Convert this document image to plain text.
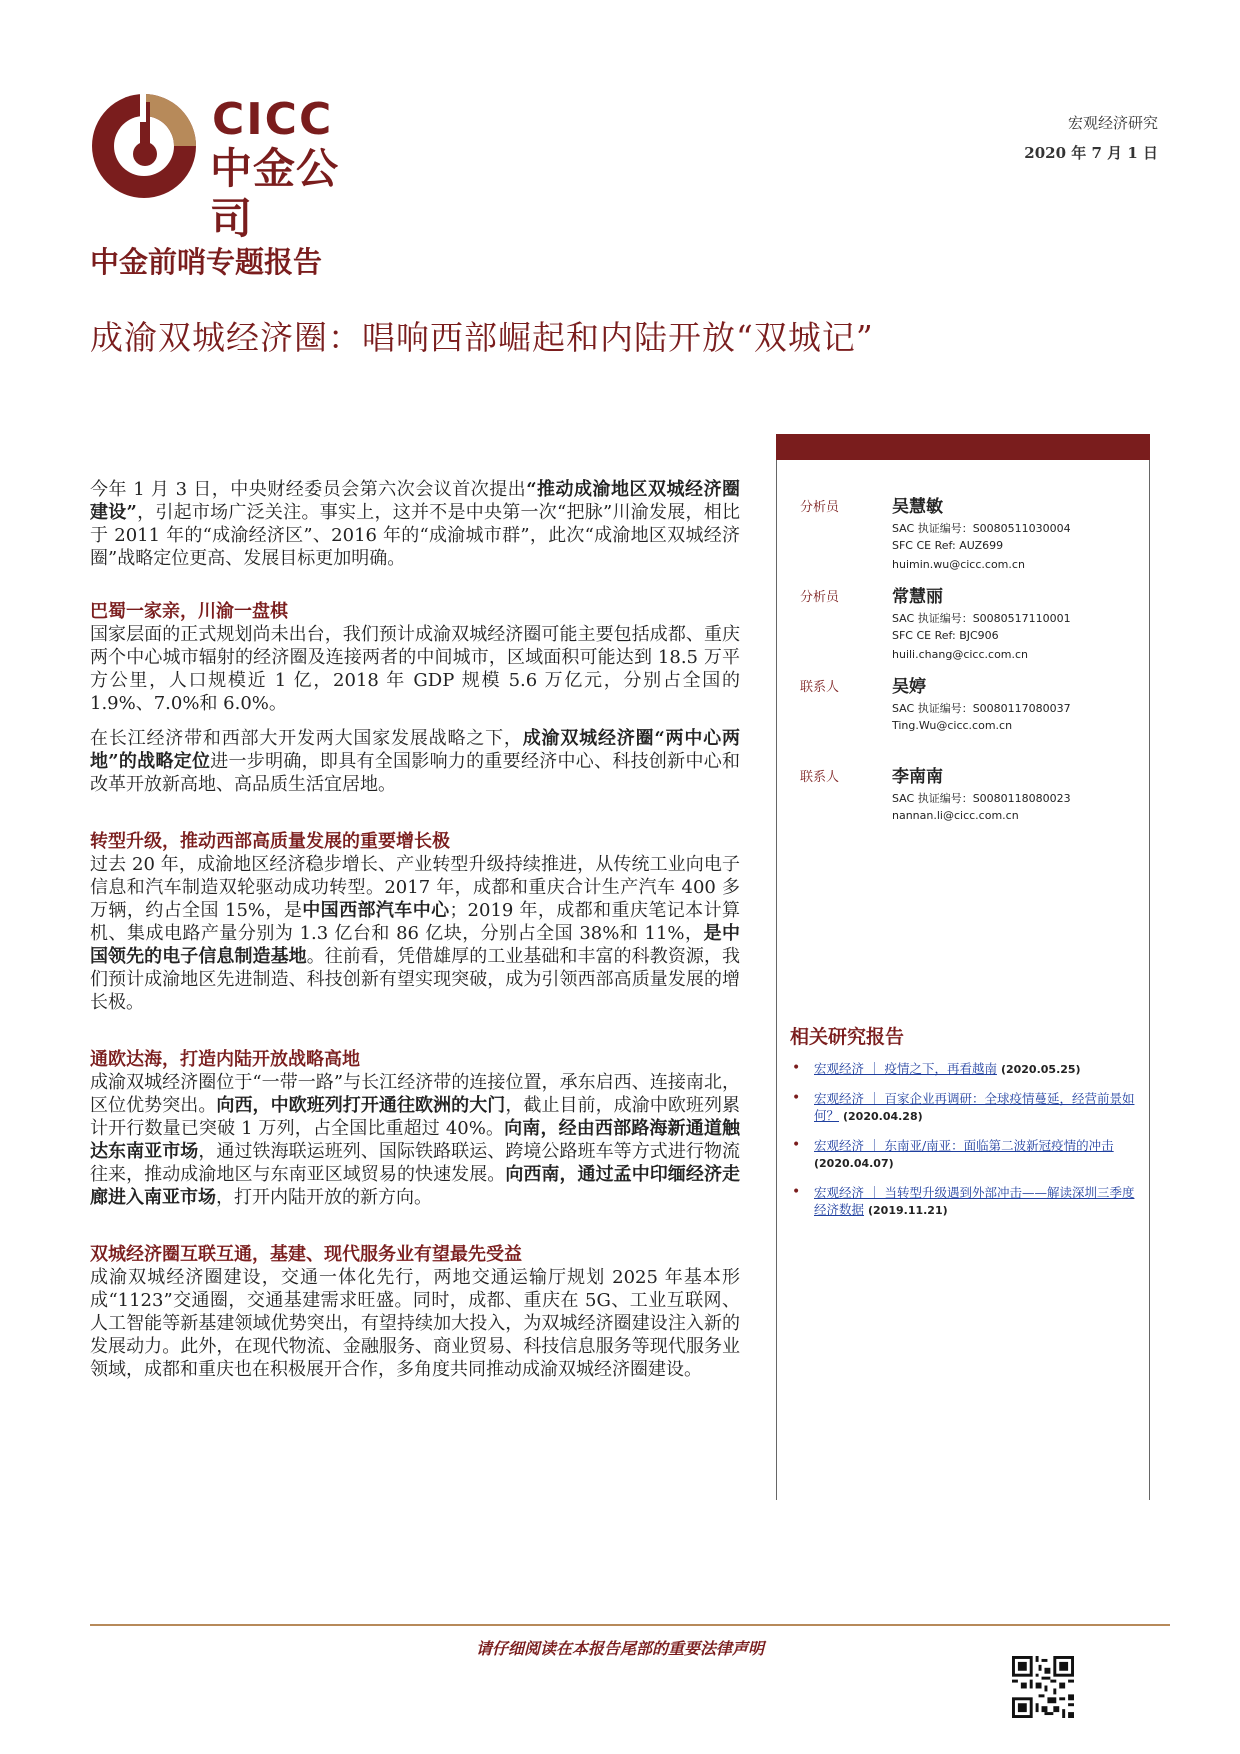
CICC
中金公司
宏观经济研究
2020 年 7 月 1 日
中金前哨专题报告
成渝双城经济圈：唱响西部崛起和内陆开放“双城记”

今年 1 月 3 日，中央财经委员会第六次会议首次提出“推动成渝地区双城经济圈建设”，引起市场广泛关注。事实上，这并不是中央第一次“把脉”川渝发展，相比于 2011 年的“成渝经济区”、2016 年的“成渝城市群”，此次“成渝地区双城经济圈”战略定位更高、发展目标更加明确。

巴蜀一家亲，川渝一盘棋

国家层面的正式规划尚未出台，我们预计成渝双城经济圈可能主要包括成都、重庆两个中心城市辐射的经济圈及连接两者的中间城市，区域面积可能达到 18.5 万平方公里，人口规模近 1 亿，2018 年 GDP 规模 5.6 万亿元，分别占全国的 1.9%、7.0%和 6.0%。

在长江经济带和西部大开发两大国家发展战略之下，成渝双城经济圈“两中心两地”的战略定位进一步明确，即具有全国影响力的重要经济中心、科技创新中心和改革开放新高地、高品质生活宜居地。

转型升级，推动西部高质量发展的重要增长极

过去 20 年，成渝地区经济稳步增长、产业转型升级持续推进，从传统工业向电子信息和汽车制造双轮驱动成功转型。2017 年，成都和重庆合计生产汽车 400 多万辆，约占全国 15%，是中国西部汽车中心；2019 年，成都和重庆笔记本计算机、集成电路产量分别为 1.3 亿台和 86 亿块，分别占全国 38%和 11%，是中国领先的电子信息制造基地。往前看，凭借雄厚的工业基础和丰富的科教资源，我们预计成渝地区先进制造、科技创新有望实现突破，成为引领西部高质量发展的增长极。

通欧达海，打造内陆开放战略高地

成渝双城经济圈位于“一带一路”与长江经济带的连接位置，承东启西、连接南北，区位优势突出。向西，中欧班列打开通往欧洲的大门，截止目前，成渝中欧班列累计开行数量已突破 1 万列，占全国比重超过 40%。向南，经由西部路海新通道触达东南亚市场，通过铁海联运班列、国际铁路联运、跨境公路班车等方式进行物流往来，推动成渝地区与东南亚区域贸易的快速发展。向西南，通过孟中印缅经济走廊进入南亚市场，打开内陆开放的新方向。

双城经济圈互联互通，基建、现代服务业有望最先受益

成渝双城经济圈建设，交通一体化先行，两地交通运输厅规划 2025 年基本形成“1123”交通圈，交通基建需求旺盛。同时，成都、重庆在 5G、工业互联网、人工智能等新基建领域优势突出，有望持续加大投入，为双城经济圈建设注入新的发展动力。此外，在现代物流、金融服务、商业贸易、科技信息服务等现代服务业领域，成都和重庆也在积极展开合作，多角度共同推动成渝双城经济圈建设。

分析员	吴慧敏
SAC 执证编号：S0080511030004
SFC CE Ref: AUZ699
huimin.wu@cicc.com.cn
分析员	常慧丽
SAC 执证编号：S0080517110001
SFC CE Ref: BJC906
huili.chang@cicc.com.cn
联系人	吴婷
SAC 执证编号：S0080117080037
Ting.Wu@cicc.com.cn
联系人	李南南
SAC 执证编号：S0080118080023
nannan.li@cicc.com.cn
相关研究报告
• 宏观经济 ｜ 疫情之下，再看越南 (2020.05.25)
• 宏观经济 ｜ 百家企业再调研：全球疫情蔓延，经营前景如何？ (2020.04.28)
• 宏观经济 ｜ 东南亚/南亚：面临第二波新冠疫情的冲击 (2020.04.07)
• 宏观经济 ｜ 当转型升级遇到外部冲击——解读深圳三季度经济数据 (2019.11.21)
请仔细阅读在本报告尾部的重要法律声明
